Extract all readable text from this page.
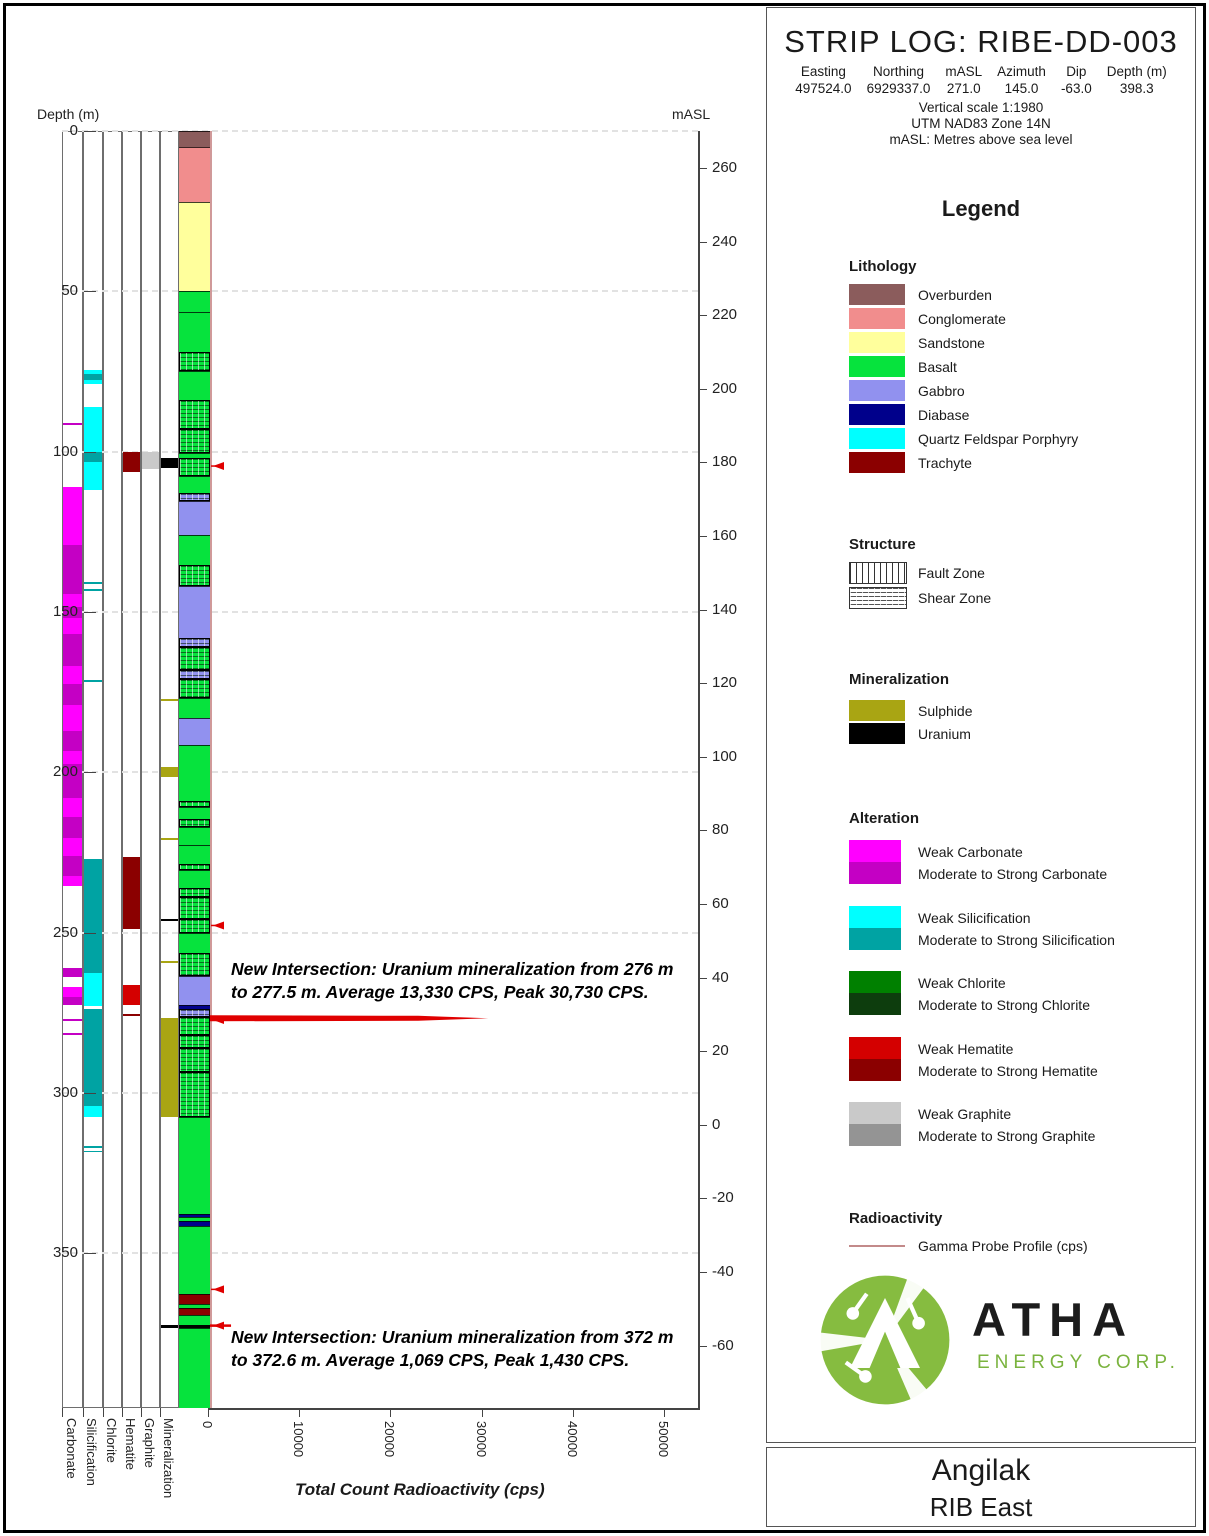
Depth (m)	mASL
Total Count Radioactivity (cps)
0
50
100
150
200
250
300
350
260
240
220
200
180
160
140
120
100
80
60
40
20
0
-20
-40
-60
0	10000	20000	30000	40000	50000
Carbonate Silicification Chlorite Hematite Graphite Mineralization
New Intersection: Uranium mineralization from 276 m
to 277.5 m. Average 13,330 CPS, Peak 30,730 CPS.
New Intersection: Uranium mineralization from 372 m
to 372.6 m. Average 1,069 CPS, Peak 1,430 CPS.
STRIP LOG: RIBE-DD-003
Easting
497524.0
Northing
6929337.0
mASL
271.0
Azimuth
145.0
Dip
-63.0
Depth (m)
398.3
Vertical scale 1:1980
UTM NAD83 Zone 14N
mASL: Metres above sea level
Legend
Lithology
Overburden
Conglomerate
Sandstone
Basalt
Gabbro
Diabase
Quartz Feldspar Porphyry
Trachyte
Structure
Fault Zone
Shear Zone
Mineralization
Sulphide
Uranium
Alteration
Weak Carbonate
Moderate to Strong Carbonate
Weak Silicification
Moderate to Strong Silicification
Weak Chlorite
Moderate to Strong Chlorite
Weak Hematite
Moderate to Strong Hematite
Weak Graphite
Moderate to Strong Graphite
Radioactivity
Gamma Probe Profile (cps)
ATHA
ENERGY CORP.
Angilak
RIB East
